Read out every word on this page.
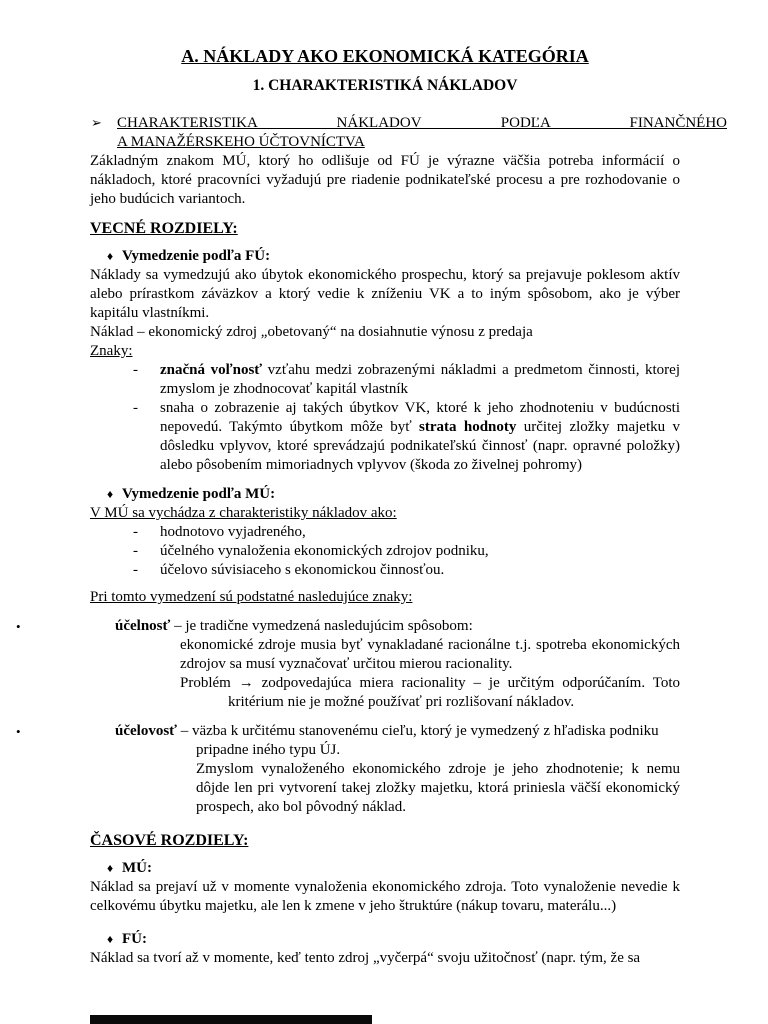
A. NÁKLADY AKO EKONOMICKÁ KATEGÓRIA
1. CHARAKTERISTIKÁ NÁKLADOV
➢ CHARAKTERISTIKA NÁKLADOV PODĽA FINANČNÉHO
A MANAŽÉRSKEHO ÚČTOVNÍCTVA

Základným znakom MÚ, ktorý ho odlišuje od FÚ je výrazne väčšia potreba informácií o nákladoch, ktoré pracovníci vyžadujú pre riadenie podnikateľské procesu a pre rozhodovanie o jeho budúcich variantoch.

VECNÉ ROZDIELY:
♦ Vymedzenie podľa FÚ:

Náklady sa vymedzujú ako úbytok ekonomického prospechu, ktorý sa prejavuje poklesom aktív alebo prírastkom záväzkov a ktorý vedie k zníženiu VK a to iným spôsobom, ako je výber kapitálu vlastníkmi.

Náklad – ekonomický zdroj „obetovaný“ na dosiahnutie výnosu z predaja

Znaky:

- značná voľnosť vzťahu medzi zobrazenými nákladmi a predmetom činnosti, ktorej zmyslom je zhodnocovať kapitál vlastník
- snaha o zobrazenie aj takých úbytkov VK, ktoré k jeho zhodnoteniu v budúcnosti nepovedú. Takýmto úbytkom môže byť strata hodnoty určitej zložky majetku v dôsledku vplyvov, ktoré sprevádzajú podnikateľskú činnosť (napr. opravné položky) alebo pôsobením mimoriadnych vplyvov (škoda zo živelnej pohromy)
♦ Vymedzenie podľa MÚ:

V MÚ sa vychádza z charakteristiky nákladov ako:

- hodnotovo vyjadreného,
- účelného vynaloženia ekonomických zdrojov podniku,
- účelovo súvisiaceho s ekonomickou činnosťou.

Pri tomto vymedzení sú podstatné nasledujúce znaky:

•	účelnosť – je tradične vymedzená nasledujúcim spôsobom:
ekonomické zdroje musia byť vynakladané racionálne t.j. spotreba ekonomických zdrojov sa musí vyznačovať určitou mierou racionality.
Problém → zodpovedajúca miera racionality – je určitým odporúčaním. Toto kritérium nie je možné používať pri rozlišovaní nákladov.
•	účelovosť – väzba k určitému stanovenému cieľu, ktorý je vymedzený z hľadiska podniku pripadne iného typu ÚJ.
Zmyslom vynaloženého ekonomického zdroje je jeho zhodnotenie; k nemu dôjde len pri vytvorení takej zložky majetku, ktorá priniesla väčší ekonomický prospech, ako bol pôvodný náklad.
ČASOVÉ ROZDIELY:
♦ MÚ:

Náklad sa prejaví už v momente vynaloženia ekonomického zdroja. Toto vynaloženie nevedie k celkovému úbytku majetku, ale len k zmene v jeho štruktúre (nákup tovaru, materálu...)

♦ FÚ:

Náklad sa tvorí až v momente, keď tento zdroj „vyčerpá“ svoju užitočnosť (napr. tým, že sa
